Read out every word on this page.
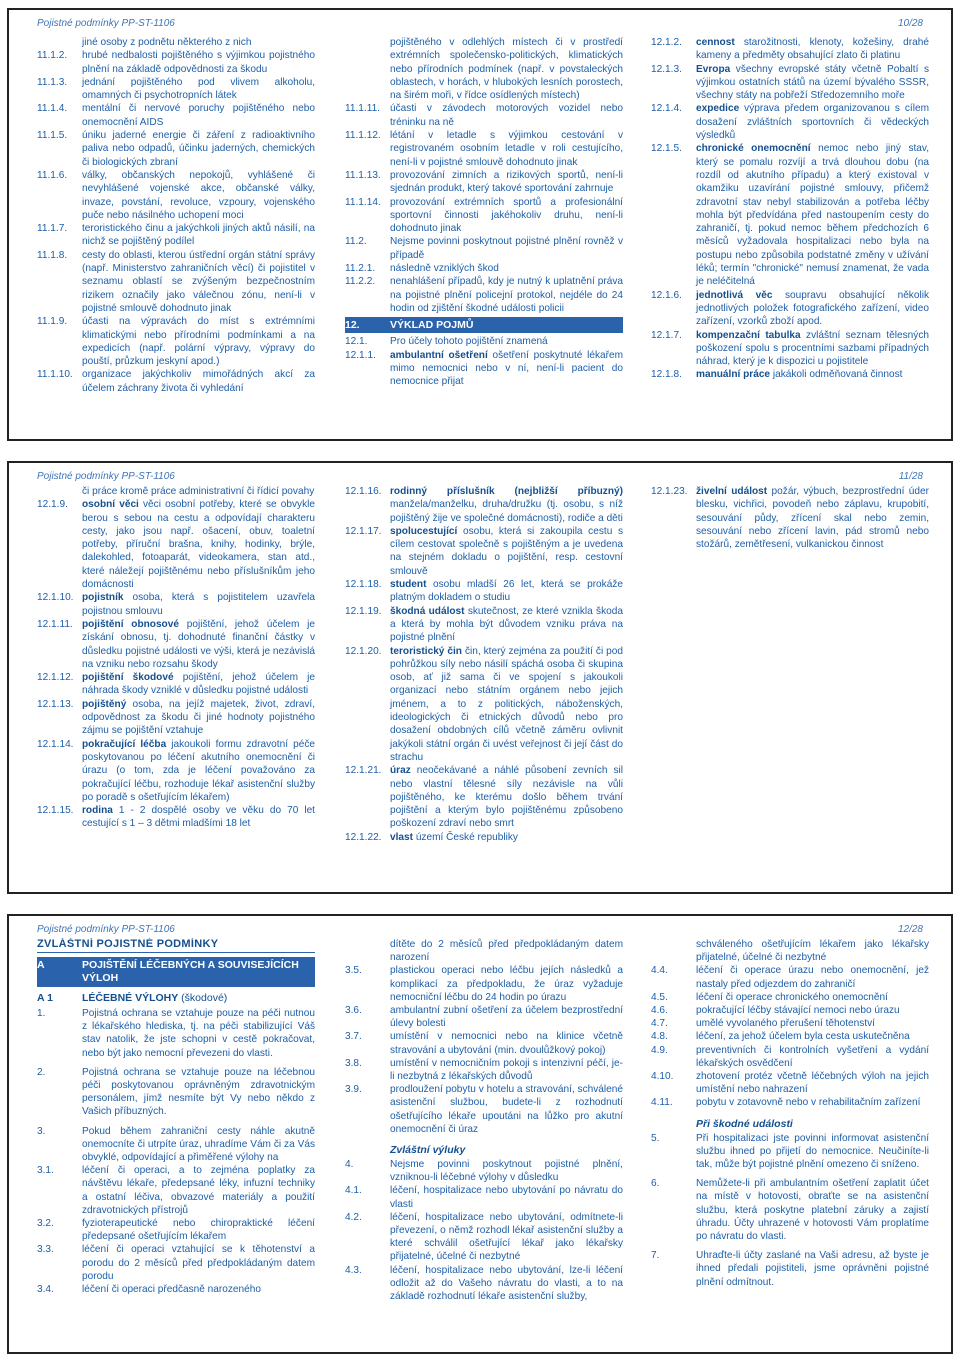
Pojistné podmínky PP-ST-1106	10/28
jiné osoby z podnětu některého z nich
11.1.2.	hrubé nedbalosti pojištěného s výjimkou pojistného plnění na základě odpovědnosti za škodu
11.1.3.	jednání pojištěného pod vlivem alkoholu, omamných či psychotropních látek
11.1.4.	mentální či nervové poruchy pojištěného nebo onemocnění AIDS
11.1.5.	úniku jaderné energie či záření z radioaktivního paliva nebo odpadů, účinku jaderných, chemických či biologických zbraní
11.1.6.	války, občanských nepokojů, vyhlášené či nevyhlášené vojenské akce, občanské války, invaze, povstání, revoluce, vzpoury, vojenského puče nebo násilného uchopení moci
11.1.7.	teroristického činu a jakýchkoli jiných aktů násilí, na nichž se pojištěný podílel
11.1.8.	cesty do oblasti, kterou ústřední orgán státní správy (např. Ministerstvo zahraničních věcí) či pojistitel v seznamu oblastí se zvýšeným bezpečnostním rizikem označily jako válečnou zónu, není-li v pojistné smlouvě dohodnuto jinak
11.1.9.	účasti na výpravách do míst s extrémními klimatickými nebo přírodními podmínkami a na expedicích (např. polární výpravy, výpravy do pouští, průzkum jeskyní apod.)
11.1.10. organizace jakýchkoliv mimořádných akcí za účelem záchrany života či vyhledání
pojištěného v odlehlých místech či v prostředí extrémních společensko-politických, klimatických nebo přírodních podmínek (např. v povstaleckých oblastech, v horách, v hlubokých lesních porostech, na širém moři, v řídce osídlených místech)
11.1.11. účasti v závodech motorových vozidel nebo tréninku na ně
11.1.12. létání v letadle s výjimkou cestování v registrovaném osobním letadle v roli cestujícího, není-li v pojistné smlouvě dohodnuto jinak
11.1.13. provozování zimních a rizikových sportů, není-li sjednán produkt, který takové sportování zahrnuje
11.1.14. provozování extrémních sportů a profesionální sportovní činnosti jakéhokoliv druhu, není-li dohodnuto jinak
11.2.	Nejsme povinni poskytnout pojistné plnění rovněž v případě
11.2.1.	následně vzniklých škod
11.2.2.	nenahlášení případů, kdy je nutný k uplatnění práva na pojistné plnění policejní protokol, nejdéle do 24 hodin od zjištění škodné události policii
12.	VÝKLAD POJMŮ
12.1.	Pro účely tohoto pojištění znamená
12.1.1.	ambulantní ošetření ošetření poskytnuté lékařem mimo nemocnici nebo v ní, není-li pacient do nemocnice přijat
12.1.2.	cennost starožitnosti, klenoty, kožešiny, drahé kameny a předměty obsahující zlato či platinu
12.1.3.	Evropa všechny evropské státy včetně Pobaltí s výjimkou ostatních států na území bývalého SSSR, všechny státy na pobřeží Středozemního moře
12.1.4.	expedice výprava předem organizovanou s cílem dosažení zvláštních sportovních či vědeckých výsledků
12.1.5.	chronické onemocnění nemoc nebo jiný stav, který se pomalu rozvíjí a trvá dlouhou dobu (na rozdíl od akutního případu) a který existoval v okamžiku uzavírání pojistné smlouvy, přičemž zdravotní stav nebyl stabilizován a potřeba léčby mohla být předvídána před nastoupením cesty do zahraničí, tj. pokud nemoc během předchozích 6 měsíců vyžadovala hospitalizaci nebo byla na postupu nebo způsobila podstatné změny v užívání léků; termín "chronické" nemusí znamenat, že vada je neléčitelná
12.1.6.	jednotlivá věc soupravu obsahující několik jednotlivých položek fotografického zařízení, video zařízení, vzorků zboží apod.
12.1.7.	kompenzační tabulka zvláštní seznam tělesných poškození spolu s procentními sazbami případných náhrad, který je k dispozici u pojistitele
12.1.8.	manuální práce jakákoli odměňovaná činnost
Pojistné podmínky PP-ST-1106	11/28
či práce kromě práce administrativní či řídicí povahy
12.1.9.	osobní věci věci osobní potřeby, které se obvykle berou s sebou na cestu a odpovídají charakteru cesty, jako jsou např. ošacení, obuv, toaletní potřeby, příruční brašna, knihy, hodinky, brýle, dalekohled, fotoaparát, videokamera, stan atd., které náležejí pojištěnému nebo příslušníkům jeho domácnosti
12.1.10. pojistník osoba, která s pojistitelem uzavřela pojistnou smlouvu
12.1.11. pojištění obnosové pojištění, jehož účelem je získání obnosu, tj. dohodnuté finanční částky v důsledku pojistné události ve výši, která je nezávislá na vzniku nebo rozsahu škody
12.1.12. pojištění škodové pojištění, jehož účelem je náhrada škody vzniklé v důsledku pojistné události
12.1.13. pojištěný osoba, na jejíž majetek, život, zdraví, odpovědnost za škodu či jiné hodnoty pojistného zájmu se pojištění vztahuje
12.1.14. pokračující léčba jakoukoli formu zdravotní péče poskytovanou po léčení akutního onemocnění či úrazu (o tom, zda je léčení považováno za pokračující léčbu, rozhoduje lékař asistenční služby po poradě s ošetřujícím lékařem)
12.1.15. rodina 1 - 2 dospělé osoby ve věku do 70 let cestující s 1 – 3 dětmi mladšími 18 let
12.1.16. rodinný příslušník (nejbližší příbuzný) manžela/manželku, druha/družku (tj. osobu, s níž pojištěný žije ve společné domácnosti), rodiče a děti
12.1.17. spolucestující osobu, která si zakoupila cestu s cílem cestovat společně s pojištěným a je uvedena na stejném dokladu o pojištění, resp. cestovní smlouvě
12.1.18. student osobu mladší 26 let, která se prokáže platným dokladem o studiu
12.1.19. škodná událost skutečnost, ze které vznikla škoda a která by mohla být důvodem vzniku práva na pojistné plnění
12.1.20. teroristický čin čin, který zejména za použití či pod pohrůžkou síly nebo násilí spáchá osoba či skupina osob, ať již sama či ve spojení s jakoukoli organizací nebo státním orgánem nebo jejich jménem, a to z politických, náboženských, ideologických či etnických důvodů nebo pro dosažení obdobných cílů včetně záměru ovlivnit jakýkoli státní orgán či uvést veřejnost či její část do strachu
12.1.21. úraz neočekávané a náhlé působení zevních sil nebo vlastní tělesné síly nezávisle na vůli pojištěného, ke kterému došlo během trvání pojištění a kterým bylo pojištěnému způsobeno poškození zdraví nebo smrt
12.1.22. vlast území České republiky
12.1.23. živelní událost požár, výbuch, bezprostřední úder blesku, vichřici, povodeň nebo záplavu, krupobití, sesouvání půdy, zřícení skal nebo zemin, sesouvání nebo zřícení lavin, pád stromů nebo stožárů, zemětřesení, vulkanickou činnost
Pojistné podmínky PP-ST-1106	12/28
ZVLÁŠTNÍ POJISTNÉ PODMÍNKY
A	POJIŠTĚNÍ LÉČEBNÝCH A SOUVISEJÍCÍCH VÝLOH
A 1	LÉČEBNÉ VÝLOHY (škodové)
1.	Pojistná ochrana se vztahuje pouze na péči nutnou z lékařského hlediska, tj. na péči stabilizující Váš stav natolik, že jste schopni v cestě pokračovat, nebo být jako nemocní převezeni do vlasti.
2.	Pojistná ochrana se vztahuje pouze na léčebnou péči poskytovanou oprávněným zdravotnickým personálem, jímž nesmíte být Vy nebo někdo z Vašich příbuzných.
3.	Pokud během zahraniční cesty náhle akutně onemocníte či utrpíte úraz, uhradíme Vám či za Vás obvyklé, odpovídající a přiměřené výlohy na
3.1.	léčení či operaci, a to zejména poplatky za návštěvu lékaře, předepsané léky, infuzní techniky a ostatní léčiva, obvazové materiály a použití zdravotnických přístrojů
3.2.	fyzioterapeutické nebo chiropraktické léčení předepsané ošetřujícím lékařem
3.3.	léčení či operaci vztahující se k těhotenství a porodu do 2 měsíců před předpokládaným datem porodu
3.4.	léčení či operaci předčasně narozeného
dítěte do 2 měsíců před předpokládaným datem narození
3.5.	plastickou operaci nebo léčbu jejích následků a komplikací za předpokladu, že úraz vyžaduje nemocniční léčbu do 24 hodin po úrazu
3.6.	ambulantní zubní ošetření za účelem bezprostřední úlevy bolesti
3.7.	umístění v nemocnici nebo na klinice včetně stravování a ubytování (min. dvoulůžkový pokoj)
3.8.	umístění v nemocničním pokoji s intenzivní péčí, je-li nezbytná z lékařských důvodů
3.9.	prodloužení pobytu v hotelu a stravování, schválené asistenční službou, budete-li z rozhodnutí ošetřujícího lékaře upoutáni na lůžko pro akutní onemocnění či úraz
Zvláštní výluky
4.	Nejsme povinni poskytnout pojistné plnění, vzniknou-li léčebné výlohy v důsledku
4.1.	léčení, hospitalizace nebo ubytování po návratu do vlasti
4.2.	léčení, hospitalizace nebo ubytování, odmítnete-li převezení, o němž rozhodl lékař asistenční služby a které schválil ošetřující lékař jako lékařsky přijatelné, účelné či nezbytné
4.3.	léčení, hospitalizace nebo ubytování, lze-li léčení odložit až do Vašeho návratu do vlasti, a to na základě rozhodnutí lékaře asistenční služby,
schváleného ošetřujícím lékařem jako lékařsky přijatelné, účelné či nezbytné
4.4.	léčení či operace úrazu nebo onemocnění, jež nastaly před odjezdem do zahraničí
4.5.	léčení či operace chronického onemocnění
4.6.	pokračující léčby stávající nemoci nebo úrazu
4.7.	umělé vyvolaného přerušení těhotenství
4.8.	léčení, za jehož účelem byla cesta uskutečněna
4.9.	preventivních či kontrolních vyšetření a vydání lékařských osvědčení
4.10.	zhotovení protéz včetně léčebných výloh na jejich umístění nebo nahrazení
4.11.	pobytu v zotavovně nebo v rehabilitačním zařízení
Při škodné události
5.	Při hospitalizaci jste povinni informovat asistenční službu ihned po přijetí do nemocnice. Neučiníte-li tak, může být pojistné plnění omezeno či sníženo.
6.	Nemůžete-li při ambulantním ošetření zaplatit účet na místě v hotovosti, obraťte se na asistenční službu, která poskytne platební záruky a zajistí úhradu. Účty uhrazené v hotovosti Vám proplatíme po návratu do vlasti.
7.	Uhraďte-li účty zaslané na Vaši adresu, až byste je ihned předali pojistiteli, jsme oprávněni pojistné plnění odmítnout.
